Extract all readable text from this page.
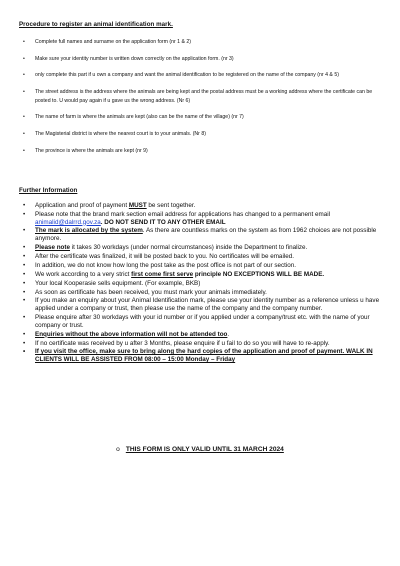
Procedure to register an animal identification mark.
• Complete full names and surname on the application form (nr 1 & 2)
• Make sure your identity number is written down correctly on the application form. (nr 3)
• only complete this part if u own a company and want the animal identification to be registered on the name of the company (nr 4 & 5)
• The street address is the address where the animals are being kept and the postal address must be a working address where the certificate can be posted to. U would pay again if u gave us the wrong address. (Nr 6)
• The name of farm is where the animals are kept (also can be the name of the village) (nr 7)
• The Magisterial district is where the nearest court is to your animals. (Nr 8)
• The province is where the animals are kept (nr 9)
Further Information
• Application and proof of payment MUST be sent together.
• Please note that the brand mark section email address for applications has changed to a permanent email animalid@dalrrd.gov.za. DO NOT SEND IT TO ANY OTHER EMAIL
• The mark is allocated by the system. As there are countless marks on the system as from 1962 choices are not possible anymore.
• Please note it takes 30 workdays (under normal circumstances) inside the Department to finalize.
• After the certificate was finalized, it will be posted back to you. No certificates will be emailed.
• In addition, we do not know how long the post take as the post office is not part of our section.
• We work according to a very strict first come first serve principle NO EXCEPTIONS WILL BE MADE.
• Your local Kooperasie sells equipment. (For example, BKB)
• As soon as certificate has been received, you must mark your animals immediately.
• If you make an enquiry about your Animal Identification mark, please use your identity number as a reference unless u have applied under a company or trust, then please use the name of the company and the company number.
• Please enquire after 30 workdays with your id number or if you applied under a company/trust etc. with the name of your company or trust.
• Enquiries without the above information will not be attended too.
• If no certificate was received by u after 3 Months, please enquire if u fail to do so you will have to re-apply.
• If you visit the office, make sure to bring along the hard copies of the application and proof of payment. WALK IN CLIENTS WILL BE ASSISTED FROM 08:00 – 15:00 Monday – Friday
o THIS FORM IS ONLY VALID UNTIL 31 MARCH 2024
